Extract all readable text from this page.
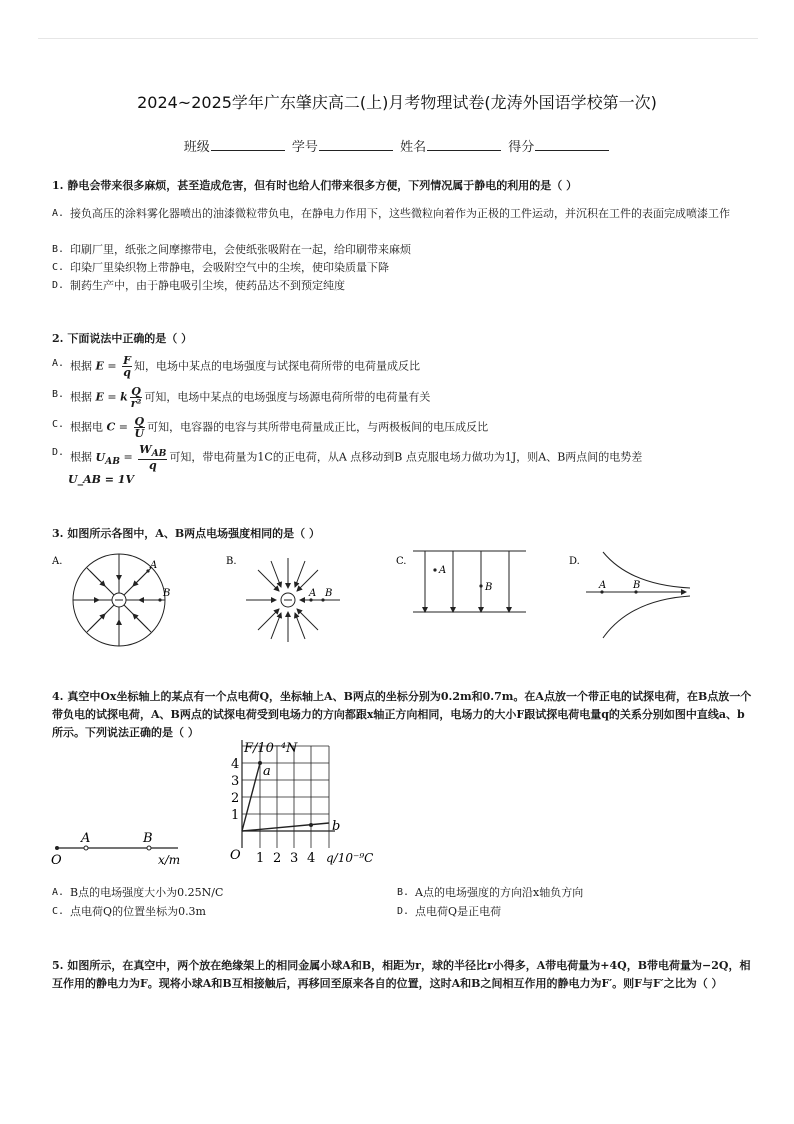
2024~2025学年广东肇庆高二(上)月考物理试卷(龙涛外国语学校第一次)
班级	学号	姓名	得分
1. 静电会带来很多麻烦，甚至造成危害，但有时也给人们带来很多方便，下列情况属于静电的利用的是（ ）
A. 接负高压的涂料雾化器喷出的油漆微粒带负电，在静电力作用下，这些微粒向着作为正极的工件运动，并沉积在工件的表面完成喷漆工作
B. 印刷厂里，纸张之间摩擦带电，会使纸张吸附在一起，给印刷带来麻烦
C. 印染厂里染织物上带静电，会吸附空气中的尘埃，使印染质量下降
D. 制药生产中，由于静电吸引尘埃，使药品达不到预定纯度
2. 下面说法中正确的是（ ）
A. 根据 $E = \frac{F}{q}$ 知，电场中某点的电场强度与试探电荷所带的电荷量成反比
B. 根据 E = k $\frac{Q}{\text{r²}}$ 可知，电场中某点的电场强度与场源电荷所带的电荷量有关
C. 根据电 $C = \frac{Q}{U}$ 可知，电容器的电容与其所带电荷量成正比，与两极板间的电压成反比
D. 根据 $U_{AB} = \frac{W_{AB}}{q}$ 可知，带电荷量为1C的正电荷，从A 点移动到B 点克服电场力做功为1J，则A、B两点间的电势差
U_AB = 1V
3. 如图所示各图中，A、B两点电场强度相同的是（ ）
A.	A
B
B.
A B
C.
A
B
D.
A	B
4. 真空中Ox坐标轴上的某点有一个点电荷Q，坐标轴上A、B两点的坐标分别为0.2m和0.7m。在A点放一个带正电的试探电荷，在B点放一个带负电的试探电荷，A、B两点的试探电荷受到电场力的方向都跟x轴正方向相同，电场力的大小F跟试探电荷电量q的关系分别如图中直线a、b所示。下列说法正确的是（ ）
O
A	B
x/m
F/10⁻⁴N
q/10⁻⁹C
O
1
2
3
4
1 2 3 4
a
b
A. B点的电场强度大小为0.25N/C	B. A点的电场强度的方向沿x轴负方向
C. 点电荷Q的位置坐标为0.3m	D. 点电荷Q是正电荷
5. 如图所示，在真空中，两个放在绝缘架上的相同金属小球A和B，相距为r，球的半径比r小得多，A带电荷量为+4Q，B带电荷量为−2Q，相互作用的静电力为F。现将小球A和B互相接触后，再移回至原来各自的位置，这时A和B之间相互作用的静电力为F′。则F与F′之比为（ ）
